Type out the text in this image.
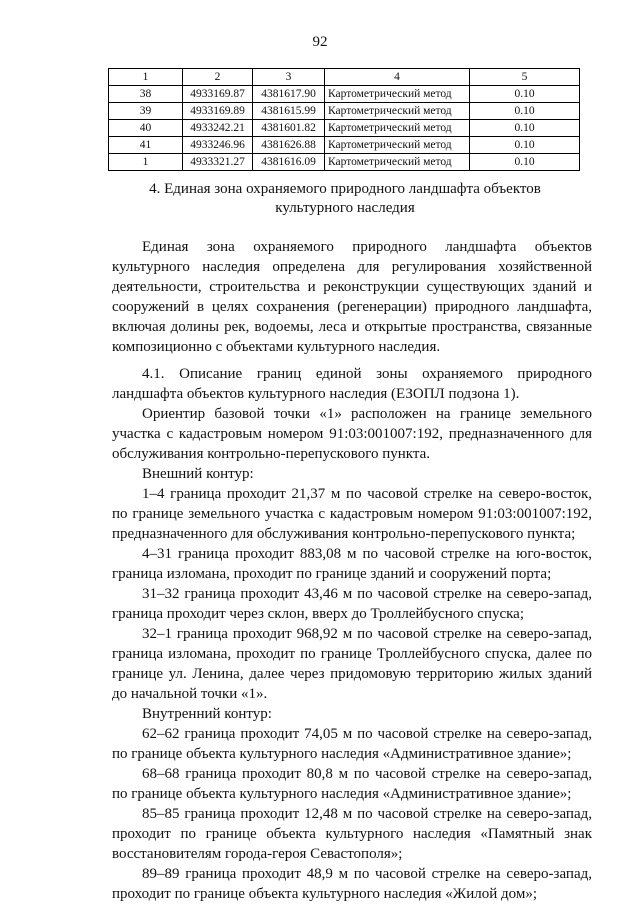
92
1	2	3	4	5
38	4933169.87	4381617.90	Картометрический метод	0.10
39	4933169.89	4381615.99	Картометрический метод	0.10
40	4933242.21	4381601.82	Картометрический метод	0.10
41	4933246.96	4381626.88	Картометрический метод	0.10
1	4933321.27	4381616.09	Картометрический метод	0.10
4. Единая зона охраняемого природного ландшафта объектов культурного наследия

Единая зона охраняемого природного ландшафта объектов культурного наследия определена для регулирования хозяйственной деятельности, строительства и реконструкции существующих зданий и сооружений в целях сохранения (регенерации) природного ландшафта, включая долины рек, водоемы, леса и открытые пространства, связанные композиционно с объектами культурного наследия.

4.1. Описание границ единой зоны охраняемого природного ландшафта объектов культурного наследия (ЕЗОПЛ подзона 1).

Ориентир базовой точки «1» расположен на границе земельного участка с кадастровым номером 91:03:001007:192, предназначенного для обслуживания контрольно-перепускового пункта.

Внешний контур:

1–4 граница проходит 21,37 м по часовой стрелке на северо-восток, по границе земельного участка с кадастровым номером 91:03:001007:192, предназначенного для обслуживания контрольно-перепускового пункта;

4–31 граница проходит 883,08 м по часовой стрелке на юго-восток, граница изломана, проходит по границе зданий и сооружений порта;

31–32 граница проходит 43,46 м по часовой стрелке на северо-запад, граница проходит через склон, вверх до Троллейбусного спуска;

32–1 граница проходит 968,92 м по часовой стрелке на северо-запад, граница изломана, проходит по границе Троллейбусного спуска, далее по границе ул. Ленина, далее через придомовую территорию жилых зданий до начальной точки «1».

Внутренний контур:

62–62 граница проходит 74,05 м по часовой стрелке на северо-запад, по границе объекта культурного наследия «Административное здание»;

68–68 граница проходит 80,8 м по часовой стрелке на северо-запад, по границе объекта культурного наследия «Административное здание»;

85–85 граница проходит 12,48 м по часовой стрелке на северо-запад, проходит по границе объекта культурного наследия «Памятный знак восстановителям города-героя Севастополя»;

89–89 граница проходит 48,9 м по часовой стрелке на северо-запад, проходит по границе объекта культурного наследия «Жилой дом»;
